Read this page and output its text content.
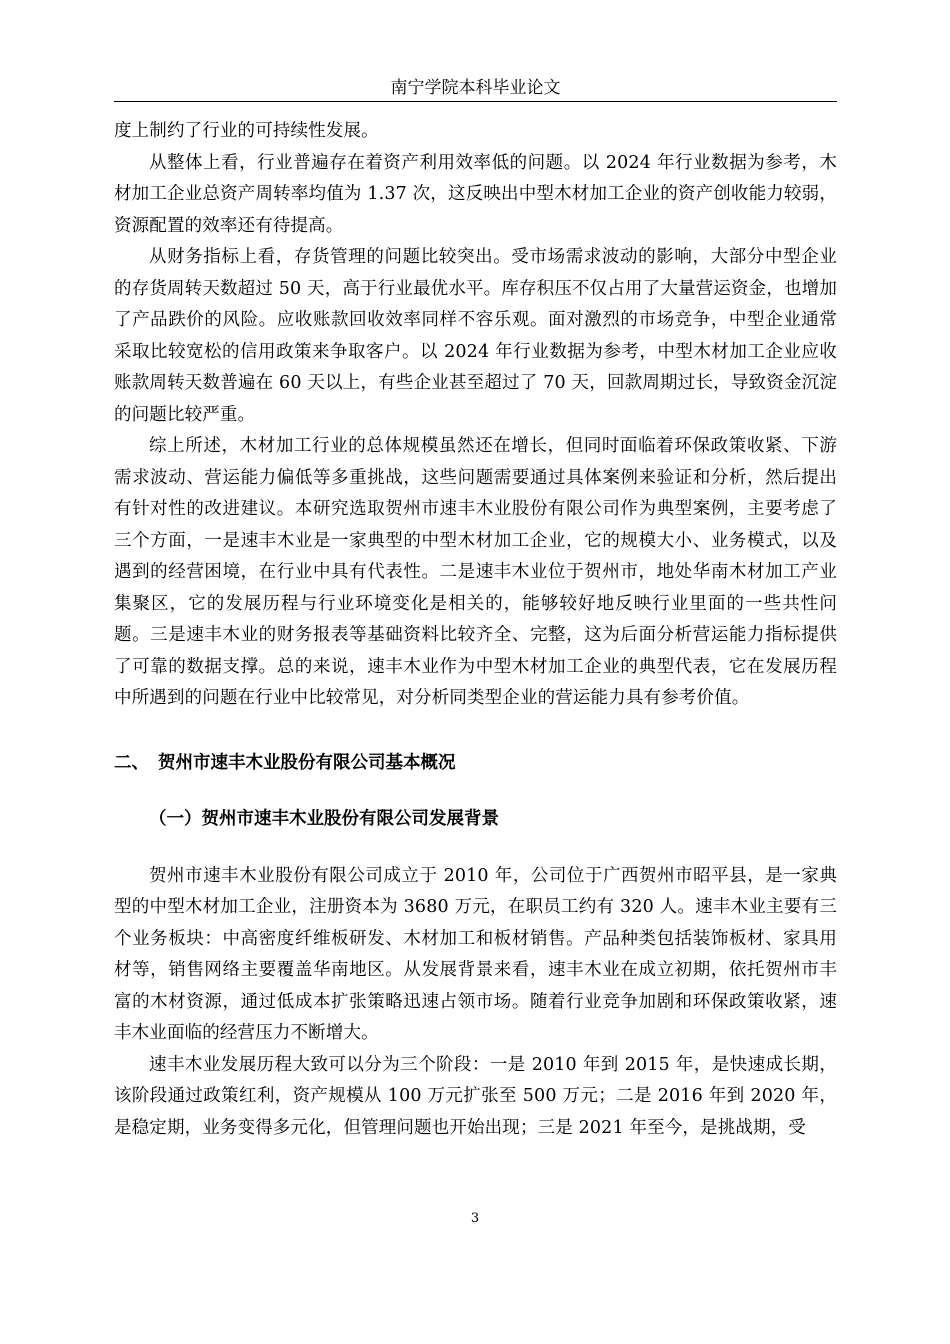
南宁学院本科毕业论文

度上制约了行业的可持续性发展。

从整体上看，行业普遍存在着资产利用效率低的问题。以 2024 年行业数据为参考，木材加工企业总资产周转率均值为 1.37 次，这反映出中型木材加工企业的资产创收能力较弱，资源配置的效率还有待提高。

从财务指标上看，存货管理的问题比较突出。受市场需求波动的影响，大部分中型企业的存货周转天数超过 50 天，高于行业最优水平。库存积压不仅占用了大量营运资金，也增加了产品跌价的风险。应收账款回收效率同样不容乐观。面对激烈的市场竞争，中型企业通常采取比较宽松的信用政策来争取客户。以 2024 年行业数据为参考，中型木材加工企业应收账款周转天数普遍在 60 天以上，有些企业甚至超过了 70 天，回款周期过长，导致资金沉淀的问题比较严重。

综上所述，木材加工行业的总体规模虽然还在增长，但同时面临着环保政策收紧、下游需求波动、营运能力偏低等多重挑战，这些问题需要通过具体案例来验证和分析，然后提出有针对性的改进建议。本研究选取贺州市速丰木业股份有限公司作为典型案例，主要考虑了三个方面，一是速丰木业是一家典型的中型木材加工企业，它的规模大小、业务模式，以及遇到的经营困境，在行业中具有代表性。二是速丰木业位于贺州市，地处华南木材加工产业集聚区，它的发展历程与行业环境变化是相关的，能够较好地反映行业里面的一些共性问题。三是速丰木业的财务报表等基础资料比较齐全、完整，这为后面分析营运能力指标提供了可靠的数据支撑。总的来说，速丰木业作为中型木材加工企业的典型代表，它在发展历程中所遇到的问题在行业中比较常见，对分析同类型企业的营运能力具有参考价值。

二、 贺州市速丰木业股份有限公司基本概况
（一）贺州市速丰木业股份有限公司发展背景

贺州市速丰木业股份有限公司成立于 2010 年，公司位于广西贺州市昭平县，是一家典型的中型木材加工企业，注册资本为 3680 万元，在职员工约有 320 人。速丰木业主要有三个业务板块：中高密度纤维板研发、木材加工和板材销售。产品种类包括装饰板材、家具用材等，销售网络主要覆盖华南地区。从发展背景来看，速丰木业在成立初期，依托贺州市丰富的木材资源，通过低成本扩张策略迅速占领市场。随着行业竞争加剧和环保政策收紧，速丰木业面临的经营压力不断增大。

速丰木业发展历程大致可以分为三个阶段：一是 2010 年到 2015 年，是快速成长期，该阶段通过政策红利，资产规模从 100 万元扩张至 500 万元；二是 2016 年到 2020 年，是稳定期，业务变得多元化，但管理问题也开始出现；三是 2021 年至今，是挑战期，受

3
